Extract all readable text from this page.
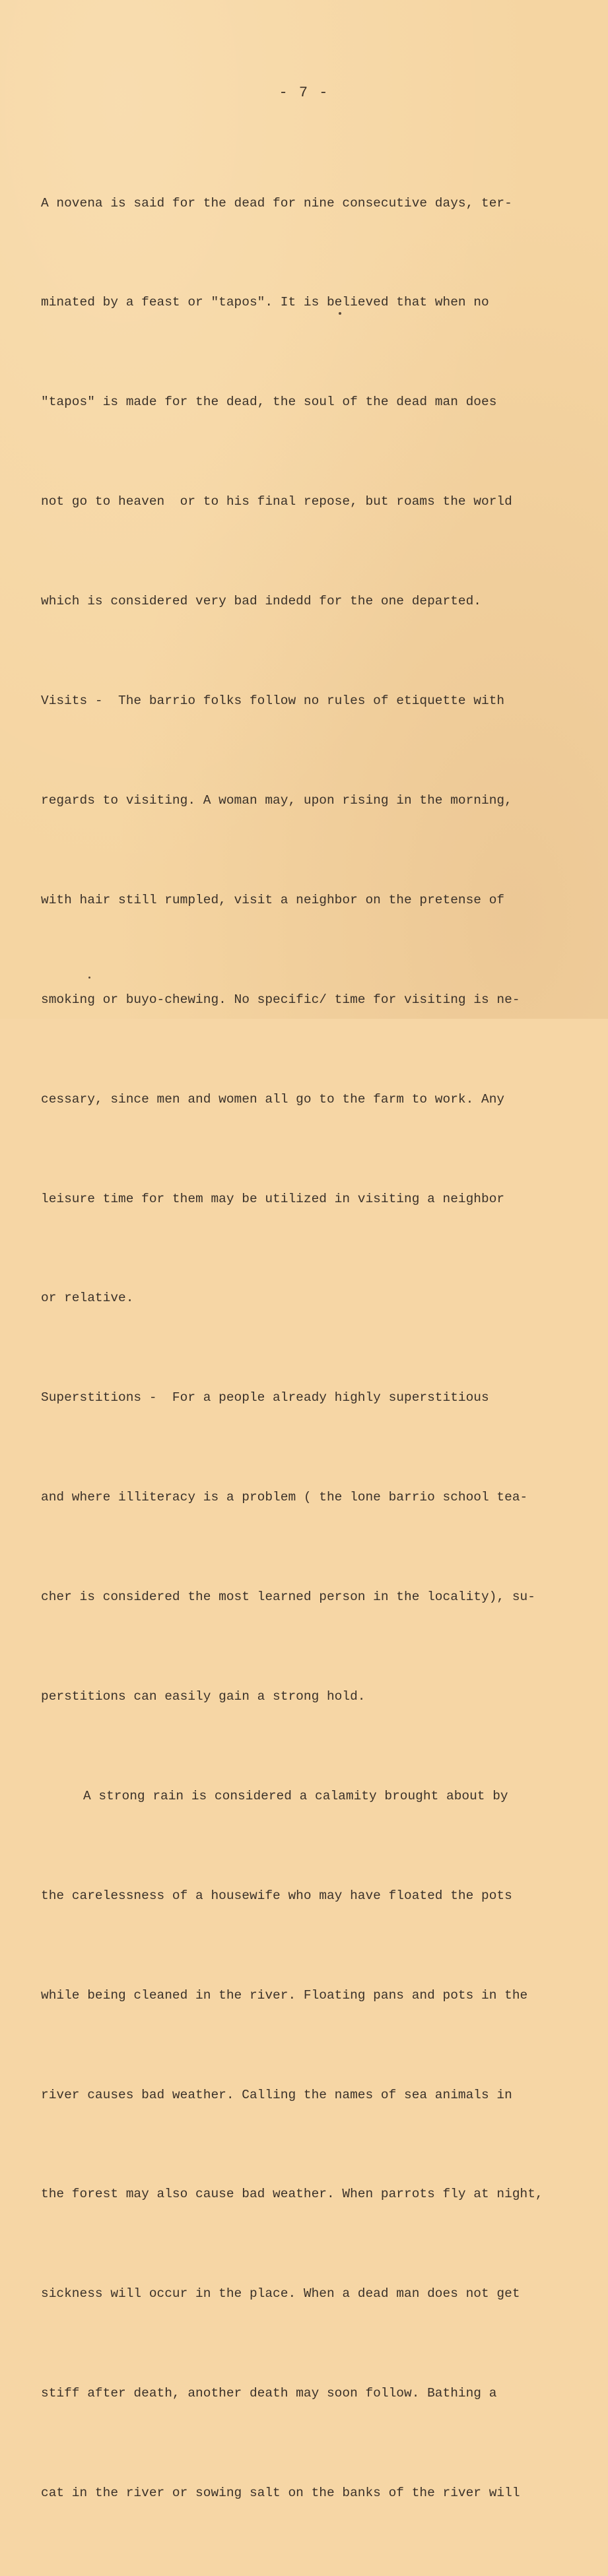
- 7 -

A novena is said for the dead for nine consecutive days, ter-

minated by a feast or "tapos". It is believed that when no

"tapos" is made for the dead, the soul of the dead man does

not go to heaven  or to his final repose, but roams the world

which is considered very bad indedd for the one departed.

Visits -  The barrio folks follow no rules of etiquette with

regards to visiting. A woman may, upon rising in the morning,

with hair still rumpled, visit a neighbor on the pretense of

smoking or buyo-chewing. No specific/ time for visiting is ne-

cessary, since men and women all go to the farm to work. Any

leisure time for them may be utilized in visiting a neighbor

or relative.

Superstitions -  For a people already highly superstitious

and where illiteracy is a problem ( the lone barrio school tea-

cher is considered the most learned person in the locality), su-

perstitions can easily gain a strong hold.

A strong rain is considered a calamity brought about by

the carelessness of a housewife who may have floated the pots

while being cleaned in the river. Floating pans and pots in the

river causes bad weather. Calling the names of sea animals in

the forest may also cause bad weather. When parrots fly at night,

sickness will occur in the place. When a dead man does not get

stiff after death, another death may soon follow. Bathing a

cat in the river or sowing salt on the banks of the river will
